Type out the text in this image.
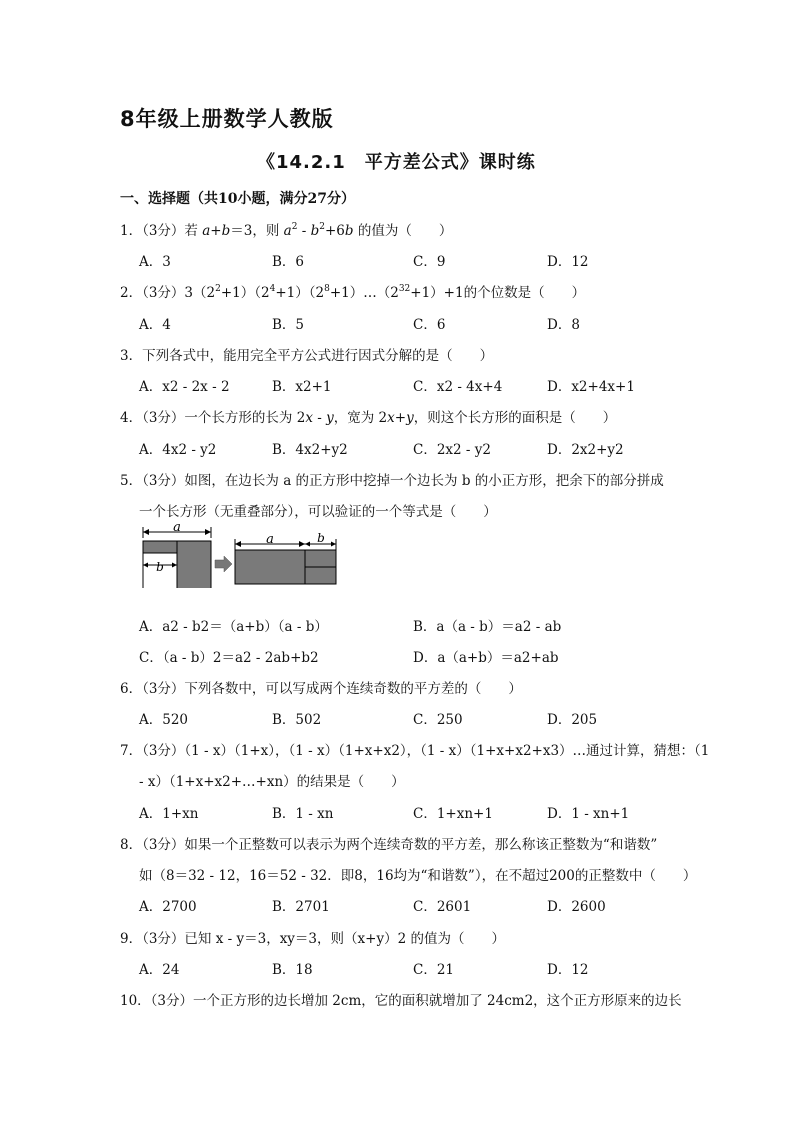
8年级上册数学人教版
《14.2.1　平方差公式》课时练
一、选择题（共10小题，满分27分）
1．（3分）若 a+b＝3，则 $a^2 - b^2+6b$ 的值为（　　）
A．3	B．6	C．9	D．12
2．（3分）$3(2^2+1)(2^4+1)(2^8+1)\dots(2^{32}+1)+1$的个位数是（　　）
A．4	B．5	C．6	D．8
3．下列各式中，能用完全平方公式进行因式分解的是（　　）
A．x2 - 2x - 2	B．x2+1	C．x2 - 4x+4	D．x2+4x+1
4．（3分）一个长方形的长为 2x - y，宽为 2x+y，则这个长方形的面积是（　　）
A．4x2 - y2	B．4x2+y2	C．2x2 - y2	D．2x2+y2
5．（3分）如图，在边长为 a 的正方形中挖掉一个边长为 b 的小正方形，把余下的部分拼成
一个长方形（无重叠部分），可以验证的一个等式是（　　）
a
b
a	b
A．a2 - b2＝（a+b）（a - b）	B．a（a - b）＝a2 - ab
C．（a - b）2＝a2 - 2ab+b2	D．a（a+b）＝a2+ab
6．（3分）下列各数中，可以写成两个连续奇数的平方差的（　　）
A．520	B．502	C．250	D．205
7．（3分）（1 - x）（1+x），（1 - x）（1+x+x2），（1 - x）（1+x+x2+x3）…通过计算，猜想：（1
- x）（1+x+x2+…+xn）的结果是（　　）
A．1+xn	B．1 - xn	C．1+xn+1	D．1 - xn+1
8．（3分）如果一个正整数可以表示为两个连续奇数的平方差，那么称该正整数为“和谐数”
如（8＝32 - 12，16＝52 - 32．即8，16均为“和谐数”），在不超过200的正整数中（　　）
A．2700	B．2701	C．2601	D．2600
9．（3分）已知 x - y＝3，xy＝3，则（x+y）2 的值为（　　）
A．24	B．18	C．21	D．12
10．（3分）一个正方形的边长增加 2cm，它的面积就增加了 24cm2，这个正方形原来的边长
